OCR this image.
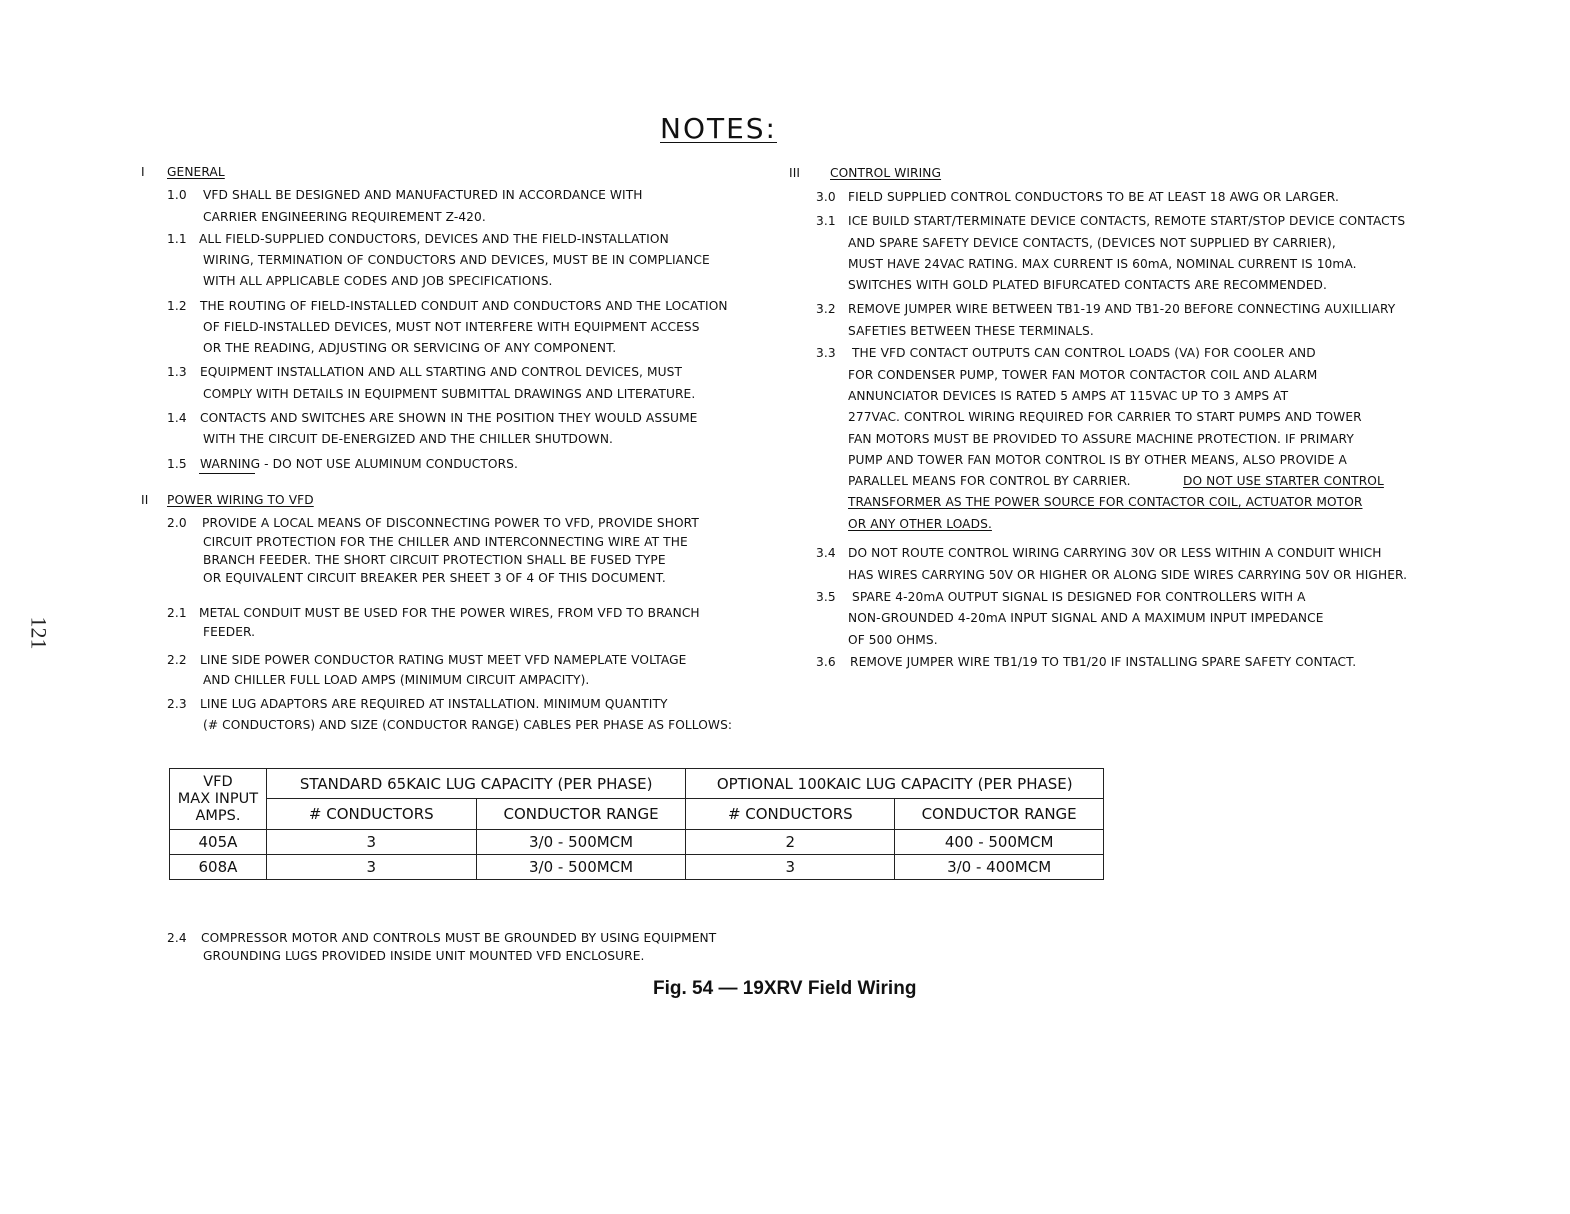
NOTES:
121
I GENERAL
1.0 VFD SHALL BE DESIGNED AND MANUFACTURED IN ACCORDANCE WITH
CARRIER ENGINEERING REQUIREMENT Z-420.
1.1 ALL FIELD-SUPPLIED CONDUCTORS, DEVICES AND THE FIELD-INSTALLATION
WIRING, TERMINATION OF CONDUCTORS AND DEVICES, MUST BE IN COMPLIANCE
WITH ALL APPLICABLE CODES AND JOB SPECIFICATIONS.
1.2 THE ROUTING OF FIELD-INSTALLED CONDUIT AND CONDUCTORS AND THE LOCATION
OF FIELD-INSTALLED DEVICES, MUST NOT INTERFERE WITH EQUIPMENT ACCESS
OR THE READING, ADJUSTING OR SERVICING OF ANY COMPONENT.
1.3 EQUIPMENT INSTALLATION AND ALL STARTING AND CONTROL DEVICES, MUST
COMPLY WITH DETAILS IN EQUIPMENT SUBMITTAL DRAWINGS AND LITERATURE.
1.4 CONTACTS AND SWITCHES ARE SHOWN IN THE POSITION THEY WOULD ASSUME
WITH THE CIRCUIT DE-ENERGIZED AND THE CHILLER SHUTDOWN.
1.5 WARNING - DO NOT USE ALUMINUM CONDUCTORS.
II POWER WIRING TO VFD
2.0 PROVIDE A LOCAL MEANS OF DISCONNECTING POWER TO VFD, PROVIDE SHORT
CIRCUIT PROTECTION FOR THE CHILLER AND INTERCONNECTING WIRE AT THE
BRANCH FEEDER. THE SHORT CIRCUIT PROTECTION SHALL BE FUSED TYPE
OR EQUIVALENT CIRCUIT BREAKER PER SHEET 3 OF 4 OF THIS DOCUMENT.
2.1 METAL CONDUIT MUST BE USED FOR THE POWER WIRES, FROM VFD TO BRANCH
FEEDER.
2.2 LINE SIDE POWER CONDUCTOR RATING MUST MEET VFD NAMEPLATE VOLTAGE
AND CHILLER FULL LOAD AMPS (MINIMUM CIRCUIT AMPACITY).
2.3 LINE LUG ADAPTORS ARE REQUIRED AT INSTALLATION. MINIMUM QUANTITY
(# CONDUCTORS) AND SIZE (CONDUCTOR RANGE) CABLES PER PHASE AS FOLLOWS:
III CONTROL WIRING
3.0 FIELD SUPPLIED CONTROL CONDUCTORS TO BE AT LEAST 18 AWG OR LARGER.
3.1 ICE BUILD START/TERMINATE DEVICE CONTACTS, REMOTE START/STOP DEVICE CONTACTS
AND SPARE SAFETY DEVICE CONTACTS, (DEVICES NOT SUPPLIED BY CARRIER),
MUST HAVE 24VAC RATING. MAX CURRENT IS 60mA, NOMINAL CURRENT IS 10mA.
SWITCHES WITH GOLD PLATED BIFURCATED CONTACTS ARE RECOMMENDED.
3.2 REMOVE JUMPER WIRE BETWEEN TB1-19 AND TB1-20 BEFORE CONNECTING AUXILLIARY
SAFETIES BETWEEN THESE TERMINALS.
3.3 THE VFD CONTACT OUTPUTS CAN CONTROL LOADS (VA) FOR COOLER AND
FOR CONDENSER PUMP, TOWER FAN MOTOR CONTACTOR COIL AND ALARM
ANNUNCIATOR DEVICES IS RATED 5 AMPS AT 115VAC UP TO 3 AMPS AT
277VAC. CONTROL WIRING REQUIRED FOR CARRIER TO START PUMPS AND TOWER
FAN MOTORS MUST BE PROVIDED TO ASSURE MACHINE PROTECTION. IF PRIMARY
PUMP AND TOWER FAN MOTOR CONTROL IS BY OTHER MEANS, ALSO PROVIDE A
PARALLEL MEANS FOR CONTROL BY CARRIER.	DO NOT USE STARTER CONTROL
TRANSFORMER AS THE POWER SOURCE FOR CONTACTOR COIL, ACTUATOR MOTOR
OR ANY OTHER LOADS.
3.4 DO NOT ROUTE CONTROL WIRING CARRYING 30V OR LESS WITHIN A CONDUIT WHICH
HAS WIRES CARRYING 50V OR HIGHER OR ALONG SIDE WIRES CARRYING 50V OR HIGHER.
3.5 SPARE 4-20mA OUTPUT SIGNAL IS DESIGNED FOR CONTROLLERS WITH A
NON-GROUNDED 4-20mA INPUT SIGNAL AND A MAXIMUM INPUT IMPEDANCE
OF 500 OHMS.
3.6 REMOVE JUMPER WIRE TB1/19 TO TB1/20 IF INSTALLING SPARE SAFETY CONTACT.
VFD
MAX INPUT
AMPS.	STANDARD 65KAIC LUG CAPACITY (PER PHASE)		OPTIONAL 100KAIC LUG CAPACITY (PER PHASE)	
	# CONDUCTORS	CONDUCTOR RANGE	# CONDUCTORS	CONDUCTOR RANGE
405A	3	3/0 - 500MCM	2	400 - 500MCM
608A	3	3/0 - 500MCM	3	3/0 - 400MCM
2.4 COMPRESSOR MOTOR AND CONTROLS MUST BE GROUNDED BY USING EQUIPMENT
GROUNDING LUGS PROVIDED INSIDE UNIT MOUNTED VFD ENCLOSURE.
Fig. 54 — 19XRV Field Wiring
